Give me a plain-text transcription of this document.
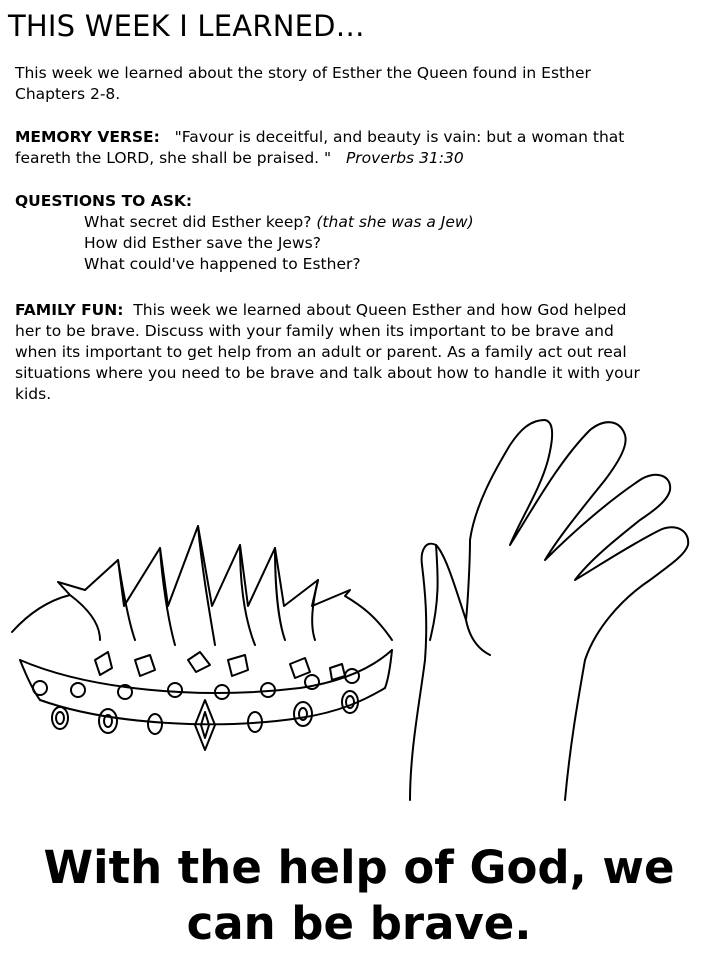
THIS WEEK I LEARNED…
This week we learned about the story of Esther the Queen found in Esther
Chapters 2-8.
MEMORY VERSE: "Favour is deceitful, and beauty is vain: but a woman that
feareth the LORD, she shall be praised. " Proverbs 31:30
QUESTIONS TO ASK:
What secret did Esther keep? (that she was a Jew)
How did Esther save the Jews?
What could've happened to Esther?
FAMILY FUN: This week we learned about Queen Esther and how God helped
her to be brave. Discuss with your family when its important to be brave and
when its important to get help from an adult or parent. As a family act out real
situations where you need to be brave and talk about how to handle it with your
kids.
With the help of God, we
can be brave.
